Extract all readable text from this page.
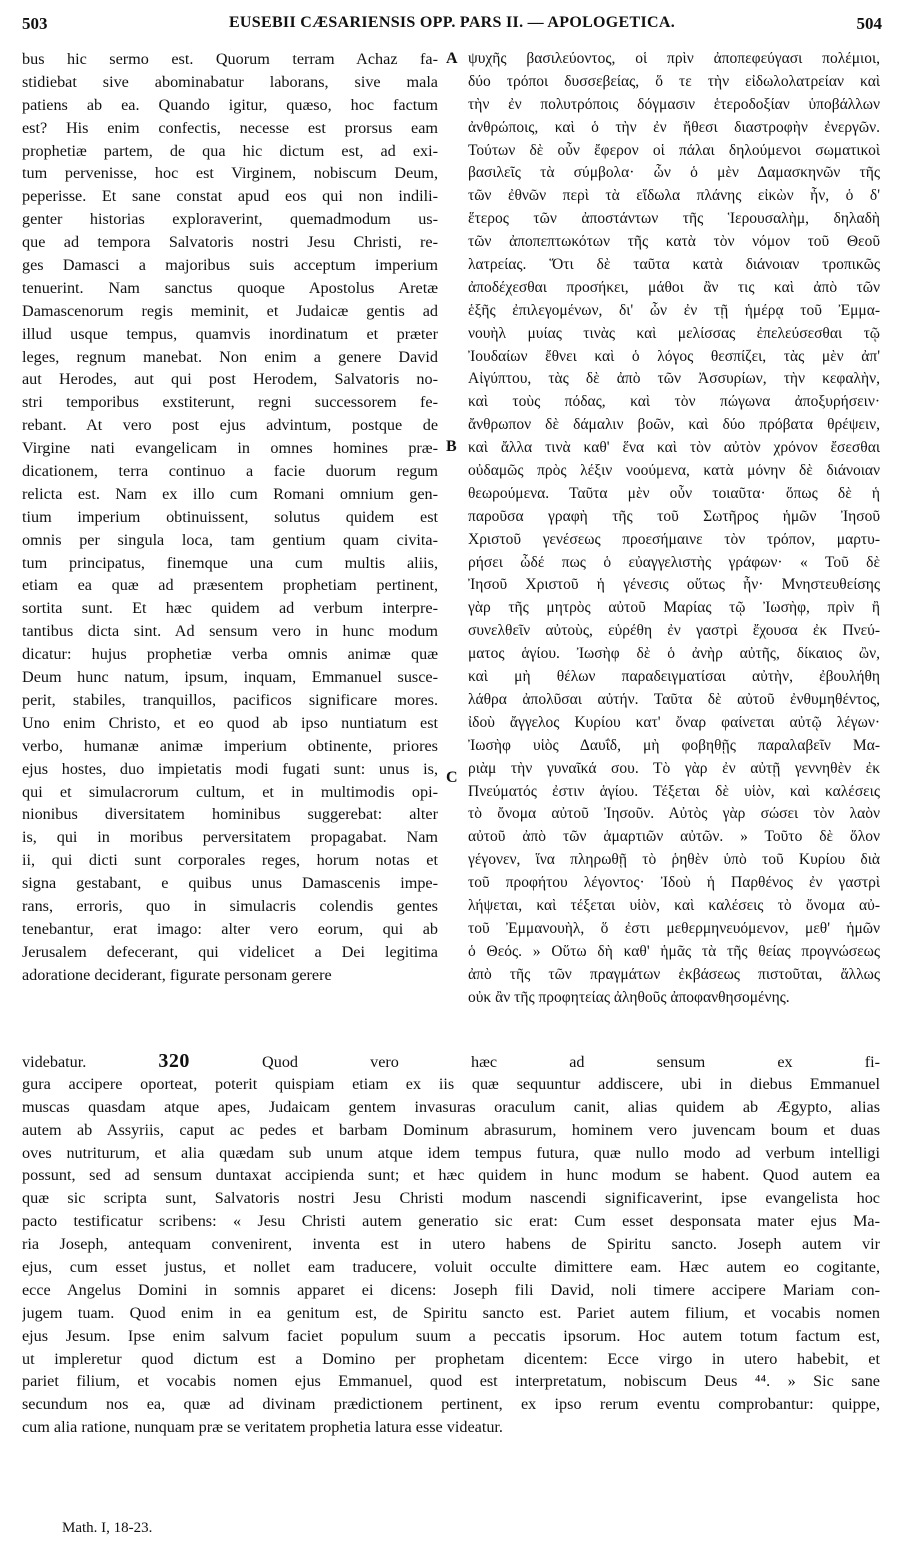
503	EUSEBII CÆSARIENSIS OPP. PARS II. — APOLOGETICA.	504
A
B
C
bus hic sermo est. Quorum terram Achaz fa-
stidiebat sive abominabatur laborans, sive mala
patiens ab ea. Quando igitur, quæso, hoc factum
est? His enim confectis, necesse est prorsus eam
prophetiæ partem, de qua hic dictum est, ad exi-
tum pervenisse, hoc est Virginem, nobiscum Deum,
peperisse. Et sane constat apud eos qui non indili-
genter historias exploraverint, quemadmodum us-
que ad tempora Salvatoris nostri Jesu Christi, re-
ges Damasci a majoribus suis acceptum imperium
tenuerint. Nam sanctus quoque Apostolus Aretæ
Damascenorum regis meminit, et Judaicæ gentis ad
illud usque tempus, quamvis inordinatum et præter
leges, regnum manebat. Non enim a genere David
aut Herodes, aut qui post Herodem, Salvatoris no-
stri temporibus exstiterunt, regni successorem fe-
rebant. At vero post ejus advintum, postque de
Virgine nati evangelicam in omnes homines præ-
dicationem, terra continuo a facie duorum regum
relicta est. Nam ex illo cum Romani omnium gen-
tium imperium obtinuissent, solutus quidem est
omnis per singula loca, tam gentium quam civita-
tum principatus, finemque una cum multis aliis,
etiam ea quæ ad præsentem prophetiam pertinent,
sortita sunt. Et hæc quidem ad verbum interpre-
tantibus dicta sint. Ad sensum vero in hunc modum
dicatur: hujus prophetiæ verba omnis animæ quæ
Deum hunc natum, ipsum, inquam, Emmanuel susce-
perit, stabiles, tranquillos, pacificos significare mores.
Uno enim Christo, et eo quod ab ipso nuntiatum est
verbo, humanæ animæ imperium obtinente, priores
ejus hostes, duo impietatis modi fugati sunt: unus is,
qui et simulacrorum cultum, et in multimodis opi-
nionibus diversitatem hominibus suggerebat: alter
is, qui in moribus perversitatem propagabat. Nam
ii, qui dicti sunt corporales reges, horum notas et
signa gestabant, e quibus unus Damascenis impe-
rans, erroris, quo in simulacris colendis gentes
tenebantur, erat imago: alter vero eorum, qui ab
Jerusalem defecerant, qui videlicet a Dei legitima
adoratione deciderant, figurate personam gerere
ψυχῆς βασιλεύοντος, οἱ πρὶν ἀποπεφεύγασι πολέμιοι,
δύο τρόποι δυσσεβείας, ὅ τε τὴν εἰδωλολατρείαν καὶ
τὴν ἐν πολυτρόποις δόγμασιν ἑτεροδοξίαν ὑποβάλλων
ἀνθρώποις, καὶ ὁ τὴν ἐν ἤθεσι διαστροφὴν ἐνεργῶν.
Τούτων δὲ οὖν ἔφερον οἱ πάλαι δηλούμενοι σωματικοὶ
βασιλεῖς τὰ σύμβολα· ὧν ὁ μὲν Δαμασκηνῶν τῆς
τῶν ἐθνῶν περὶ τὰ εἴδωλα πλάνης εἰκὼν ἦν, ὁ δ'
ἕτερος τῶν ἀποστάντων τῆς Ἱερουσαλὴμ, δηλαδὴ
τῶν ἀποπεπτωκότων τῆς κατὰ τὸν νόμον τοῦ Θεοῦ
λατρείας. Ὅτι δὲ ταῦτα κατὰ διάνοιαν τροπικῶς
ἀποδέχεσθαι προσήκει, μάθοι ἂν τις καὶ ἀπὸ τῶν
ἑξῆς ἐπιλεγομένων, δι' ὧν ἐν τῇ ἡμέρᾳ τοῦ Ἐμμα-
νουὴλ μυίας τινὰς καὶ μελίσσας ἐπελεύσεσθαι τῷ
Ἰουδαίων ἔθνει καὶ ὁ λόγος θεσπίζει, τὰς μὲν ἀπ'
Αἰγύπτου, τὰς δὲ ἀπὸ τῶν Ἀσσυρίων, τὴν κεφαλὴν,
καὶ τοὺς πόδας, καὶ τὸν πώγωνα ἀποξυρήσειν·
ἄνθρωπον δὲ δάμαλιν βοῶν, καὶ δύο πρόβατα θρέψειν,
καὶ ἄλλα τινὰ καθ' ἕνα καὶ τὸν αὐτὸν χρόνον ἔσεσθαι
οὐδαμῶς πρὸς λέξιν νοούμενα, κατὰ μόνην δὲ διάνοιαν
θεωρούμενα. Ταῦτα μὲν οὖν τοιαῦτα· ὅπως δὲ ἡ
παροῦσα γραφὴ τῆς τοῦ Σωτῆρος ἡμῶν Ἰησοῦ
Χριστοῦ γενέσεως προεσήμαινε τὸν τρόπον, μαρτυ-
ρήσει ὧδέ πως ὁ εὐαγγελιστὴς γράφων· « Τοῦ δὲ
Ἰησοῦ Χριστοῦ ἡ γένεσις οὕτως ἦν· Μνηστευθείσης
γὰρ τῆς μητρὸς αὐτοῦ Μαρίας τῷ Ἰωσὴφ, πρὶν ἢ
συνελθεῖν αὐτοὺς, εὑρέθη ἐν γαστρὶ ἔχουσα ἐκ Πνεύ-
ματος ἁγίου. Ἰωσὴφ δὲ ὁ ἀνὴρ αὐτῆς, δίκαιος ὢν,
καὶ μὴ θέλων παραδειγματίσαι αὐτὴν, ἐβουλήθη
λάθρα ἀπολῦσαι αὐτήν. Ταῦτα δὲ αὐτοῦ ἐνθυμηθέντος,
ἰδοὺ ἄγγελος Κυρίου κατ' ὄναρ φαίνεται αὐτῷ λέγων·
Ἰωσὴφ υἱὸς Δαυΐδ, μὴ φοβηθῇς παραλαβεῖν Μα-
ριὰμ τὴν γυναῖκά σου. Τὸ γὰρ ἐν αὐτῇ γεννηθὲν ἐκ
Πνεύματός ἐστιν ἁγίου. Τέξεται δὲ υἱὸν, καὶ καλέσεις
τὸ ὄνομα αὐτοῦ Ἰησοῦν. Αὐτὸς γὰρ σώσει τὸν λαὸν
αὐτοῦ ἀπὸ τῶν ἁμαρτιῶν αὐτῶν. » Τοῦτο δὲ ὅλον
γέγονεν, ἵνα πληρωθῇ τὸ ῥηθὲν ὑπὸ τοῦ Κυρίου διὰ
τοῦ προφήτου λέγοντος· Ἰδοὺ ἡ Παρθένος ἐν γαστρὶ
λήψεται, καὶ τέξεται υἱὸν, καὶ καλέσεις τὸ ὄνομα αὐ-
τοῦ Ἐμμανουὴλ, ὅ ἐστι μεθερμηνευόμενον, μεθ' ἡμῶν
ὁ Θεός. » Οὕτω δὴ καθ' ἡμᾶς τὰ τῆς θείας προγνώσεως
ἀπὸ τῆς τῶν πραγμάτων ἐκβάσεως πιστοῦται, ἄλλως
οὐκ ἂν τῆς προφητείας ἀληθοῦς ἀποφανθησομένης.
videbatur.	320	Quod vero hæc ad sensum ex fi-
gura accipere oporteat, poterit quispiam etiam ex iis quæ sequuntur addiscere, ubi in diebus Emmanuel
muscas quasdam atque apes, Judaicam gentem invasuras oraculum canit, alias quidem ab Ægypto, alias
autem ab Assyriis, caput ac pedes et barbam Dominum abrasurum, hominem vero juvencam boum et duas
oves nutriturum, et alia quædam sub unum atque idem tempus futura, quæ nullo modo ad verbum intelligi
possunt, sed ad sensum duntaxat accipienda sunt; et hæc quidem in hunc modum se habent. Quod autem ea
quæ sic scripta sunt, Salvatoris nostri Jesu Christi modum nascendi significaverint, ipse evangelista hoc
pacto testificatur scribens: « Jesu Christi autem generatio sic erat: Cum esset desponsata mater ejus Ma-
ria Joseph, antequam convenirent, inventa est in utero habens de Spiritu sancto. Joseph autem vir
ejus, cum esset justus, et nollet eam traducere, voluit occulte dimittere eam. Hæc autem eo cogitante,
ecce Angelus Domini in somnis apparet ei dicens: Joseph fili David, noli timere accipere Mariam con-
jugem tuam. Quod enim in ea genitum est, de Spiritu sancto est. Pariet autem filium, et vocabis nomen
ejus Jesum. Ipse enim salvum faciet populum suum a peccatis ipsorum. Hoc autem totum factum est,
ut impleretur quod dictum est a Domino per prophetam dicentem: Ecce virgo in utero habebit, et
pariet filium, et vocabis nomen ejus Emmanuel, quod est interpretatum, nobiscum Deus ⁴⁴. » Sic sane
secundum nos ea, quæ ad divinam prædictionem pertinent, ex ipso rerum eventu comprobantur: quippe,
cum alia ratione, nunquam præ se veritatem prophetia latura esse videatur.
Math. I, 18-23.
